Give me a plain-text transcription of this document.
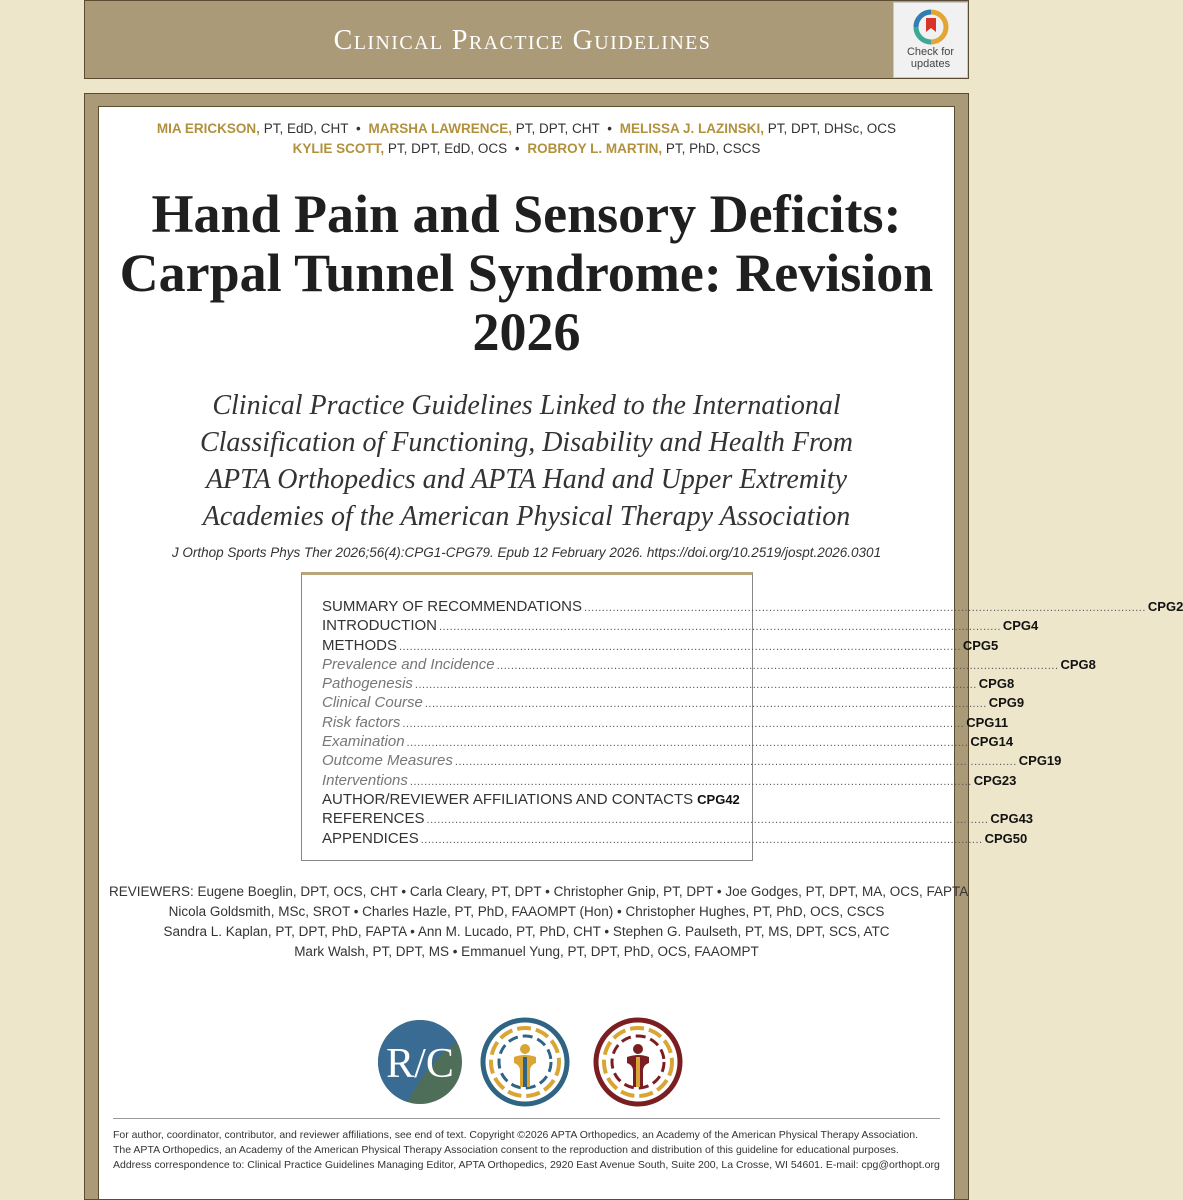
Clinical Practice Guidelines	Check for updates
MIA ERICKSON, PT, EdD, CHT • MARSHA LAWRENCE, PT, DPT, CHT • MELISSA J. LAZINSKI, PT, DPT, DHSc, OCS
KYLIE SCOTT, PT, DPT, EdD, OCS • ROBROY L. MARTIN, PT, PhD, CSCS
Hand Pain and Sensory Deficits: Carpal Tunnel Syndrome: Revision 2026
Clinical Practice Guidelines Linked to the International Classification of Functioning, Disability and Health From APTA Orthopedics and APTA Hand and Upper Extremity Academies of the American Physical Therapy Association
J Orthop Sports Phys Ther 2026;56(4):CPG1-CPG79. Epub 12 February 2026. https://doi.org/10.2519/jospt.2026.0301
SUMMARY OF RECOMMENDATIONS .....	CPG2
INTRODUCTION .....	CPG4
METHODS .....	CPG5
Prevalence and Incidence .....	CPG8
Pathogenesis .....	CPG8
Clinical Course .....	CPG9
Risk factors .....	CPG11
Examination .....	CPG14
Outcome Measures .....	CPG19
Interventions .....	CPG23
AUTHOR/REVIEWER AFFILIATIONS AND CONTACTS CPG42
REFERENCES .....	CPG43
APPENDICES .....	CPG50
REVIEWERS: Eugene Boeglin, DPT, OCS, CHT • Carla Cleary, PT, DPT • Christopher Gnip, PT, DPT • Joe Godges, PT, DPT, MA, OCS, FAPTA
Nicola Goldsmith, MSc, SROT • Charles Hazle, PT, PhD, FAAOMPT (Hon) • Christopher Hughes, PT, PhD, OCS, CSCS
Sandra L. Kaplan, PT, DPT, PhD, FAPTA • Ann M. Lucado, PT, PhD, CHT • Stephen G. Paulseth, PT, MS, DPT, SCS, ATC
Mark Walsh, PT, DPT, MS • Emmanuel Yung, PT, DPT, PhD, OCS, FAAOMPT
R/C
For author, coordinator, contributor, and reviewer affiliations, see end of text. Copyright ©2026 APTA Orthopedics, an Academy of the American Physical Therapy Association.
The APTA Orthopedics, an Academy of the American Physical Therapy Association consent to the reproduction and distribution of this guideline for educational purposes.
Address correspondence to: Clinical Practice Guidelines Managing Editor, APTA Orthopedics, 2920 East Avenue South, Suite 200, La Crosse, WI 54601. E-mail: cpg@orthopt.org
